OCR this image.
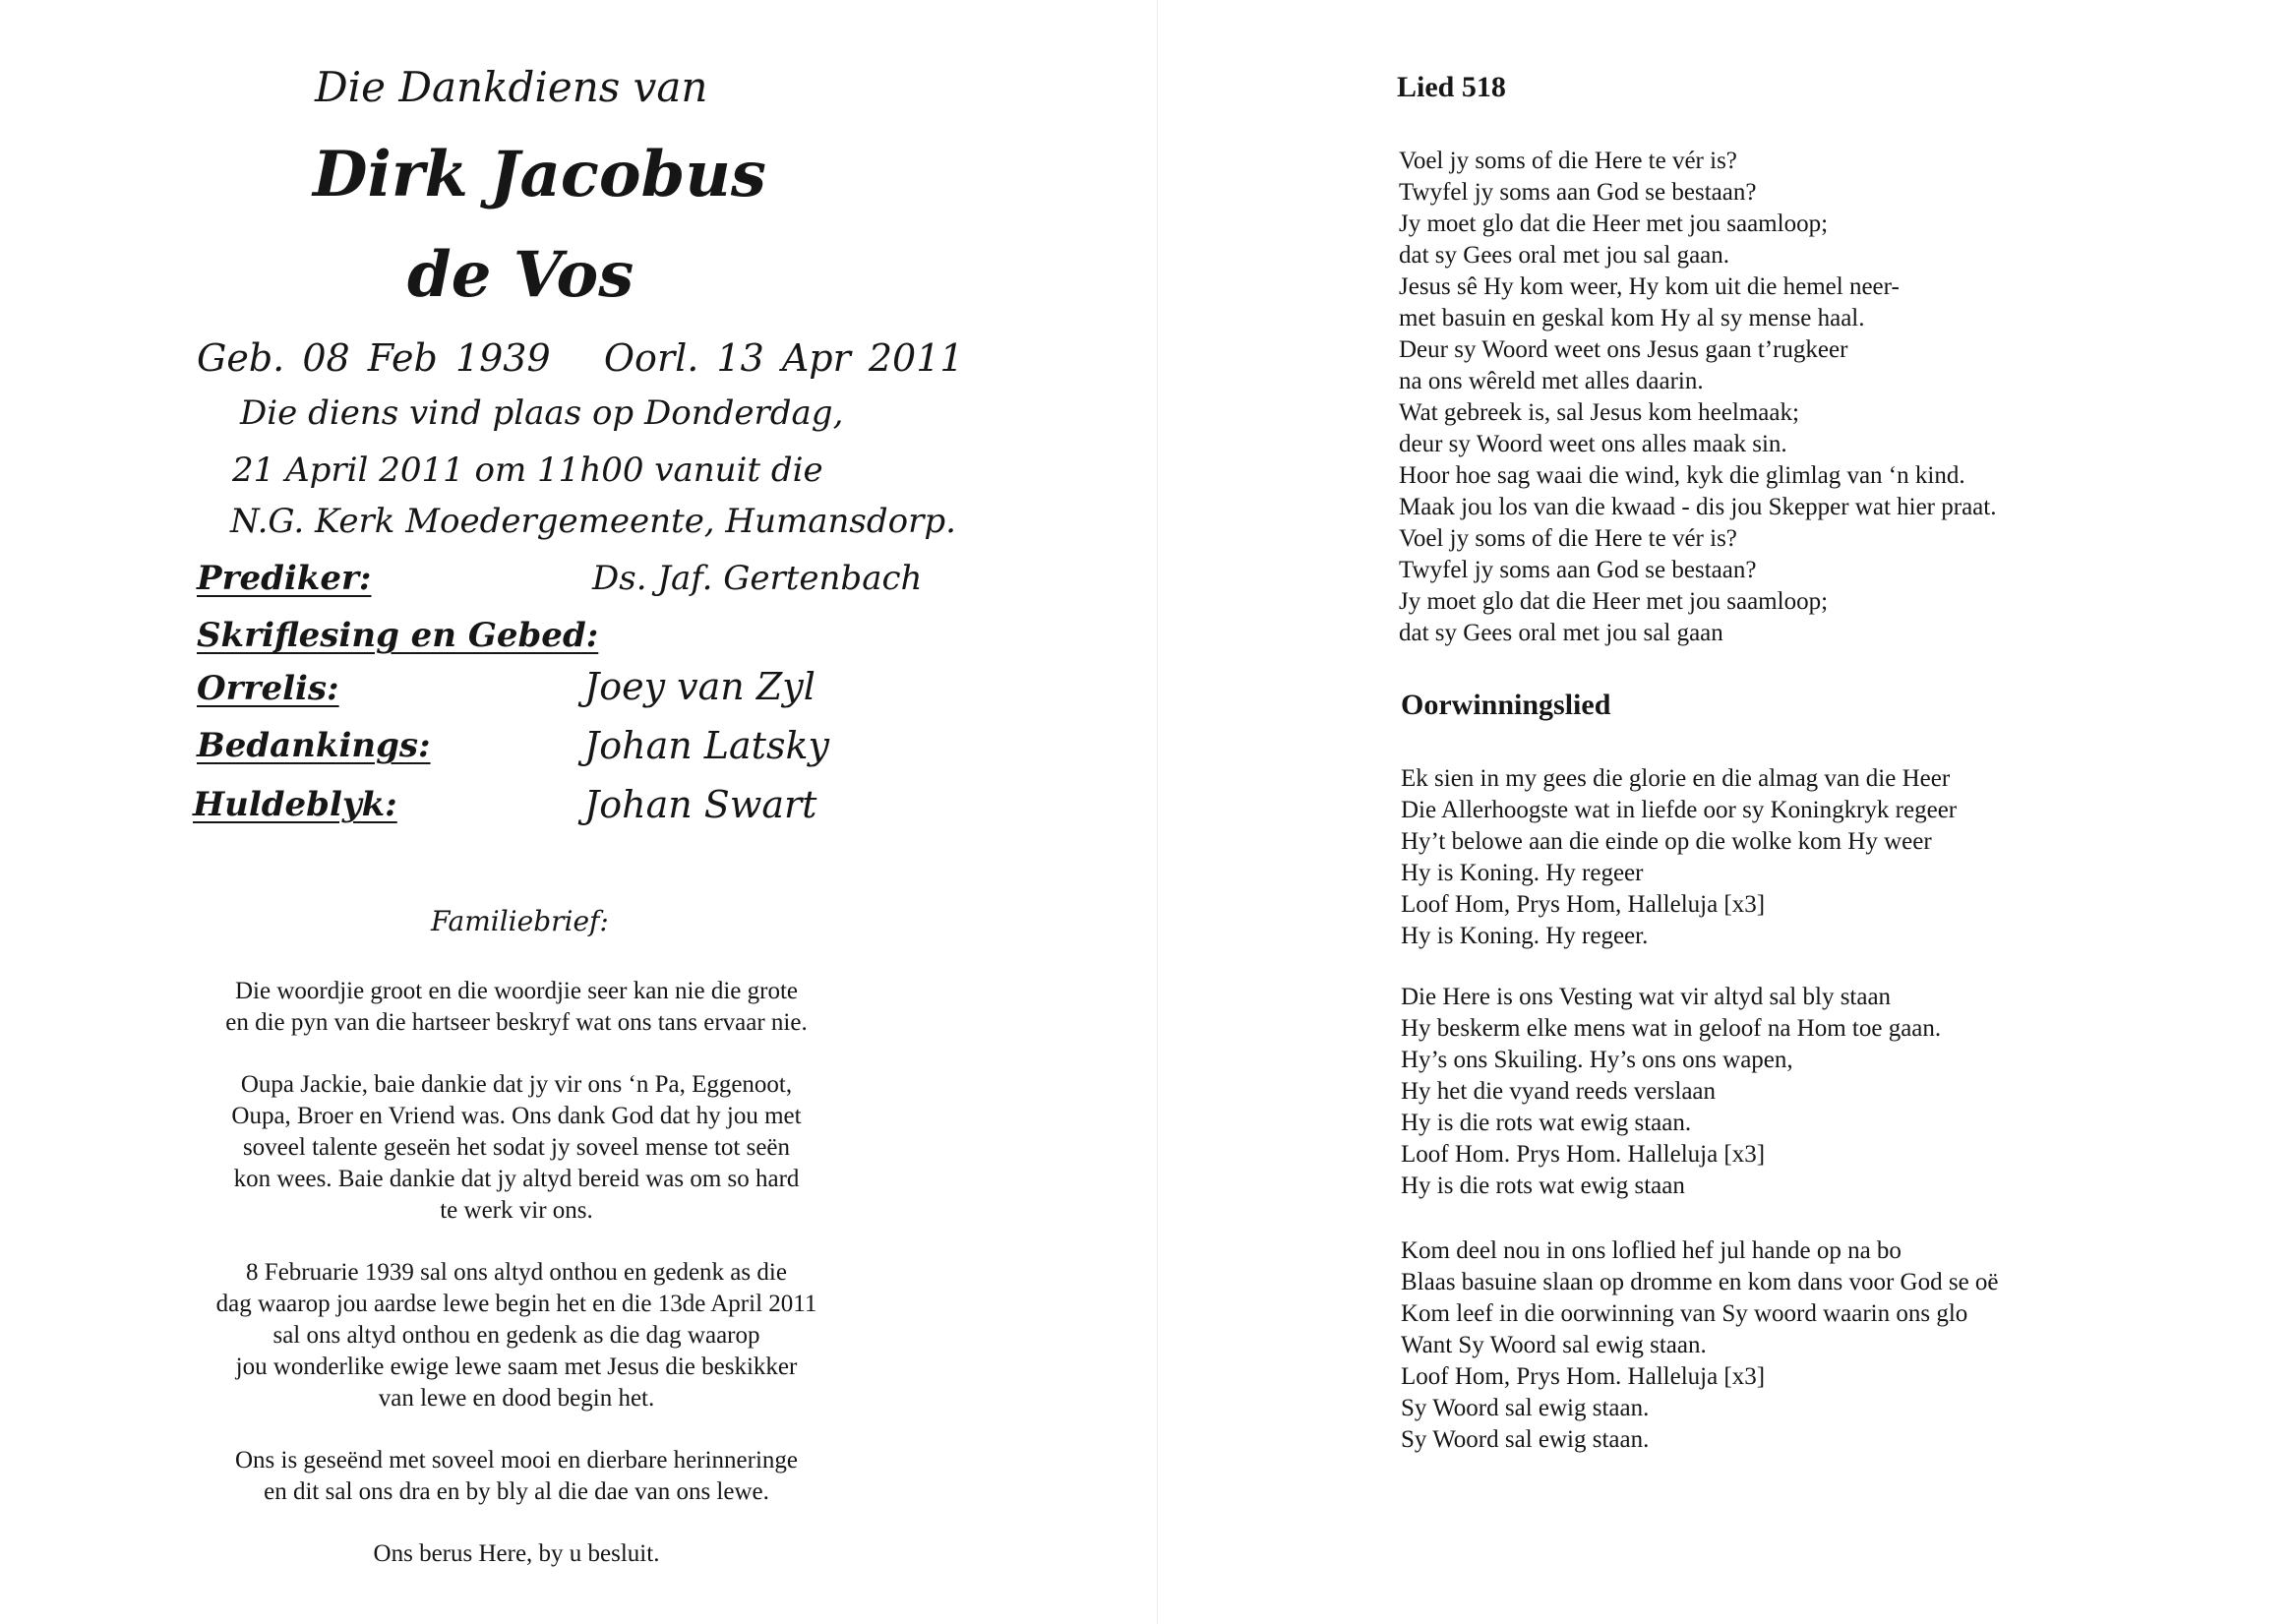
Die Dankdiens van
Dirk Jacobus
de Vos
Geb. 08 Feb 1939 Oorl. 13 Apr 2011
Die diens vind plaas op Donderdag,
21 April 2011 om 11h00 vanuit die
N.G. Kerk Moedergemeente, Humansdorp.
Prediker:	Ds. Jaf. Gertenbach
Skriflesing en Gebed:
Orrelis:	Joey van Zyl
Bedankings:	Johan Latsky
Huldeblyk:	Johan Swart
Familiebrief:

Die woordjie groot en die woordjie seer kan nie die grote
en die pyn van die hartseer beskryf wat ons tans ervaar nie.

Oupa Jackie, baie dankie dat jy vir ons ‘n Pa, Eggenoot,
Oupa, Broer en Vriend was. Ons dank God dat hy jou met
soveel talente geseën het sodat jy soveel mense tot seën
kon wees. Baie dankie dat jy altyd bereid was om so hard
te werk vir ons.

8 Februarie 1939 sal ons altyd onthou en gedenk as die
dag waarop jou aardse lewe begin het en die 13de April 2011
sal ons altyd onthou en gedenk as die dag waarop
jou wonderlike ewige lewe saam met Jesus die beskikker
van lewe en dood begin het.

Ons is geseënd met soveel mooi en dierbare herinneringe
en dit sal ons dra en by bly al die dae van ons lewe.

Ons berus Here, by u besluit.

Lied 518

Voel jy soms of die Here te vér is?
Twyfel jy soms aan God se bestaan?
Jy moet glo dat die Heer met jou saamloop;
dat sy Gees oral met jou sal gaan.
Jesus sê Hy kom weer, Hy kom uit die hemel neer-
met basuin en geskal kom Hy al sy mense haal.
Deur sy Woord weet ons Jesus gaan t’rugkeer
na ons wêreld met alles daarin.
Wat gebreek is, sal Jesus kom heelmaak;
deur sy Woord weet ons alles maak sin.
Hoor hoe sag waai die wind, kyk die glimlag van ‘n kind.
Maak jou los van die kwaad - dis jou Skepper wat hier praat.
Voel jy soms of die Here te vér is?
Twyfel jy soms aan God se bestaan?
Jy moet glo dat die Heer met jou saamloop;
dat sy Gees oral met jou sal gaan

Oorwinningslied

Ek sien in my gees die glorie en die almag van die Heer
Die Allerhoogste wat in liefde oor sy Koningkryk regeer
Hy’t belowe aan die einde op die wolke kom Hy weer
Hy is Koning. Hy regeer
Loof Hom, Prys Hom, Halleluja [x3]
Hy is Koning. Hy regeer.

Die Here is ons Vesting wat vir altyd sal bly staan
Hy beskerm elke mens wat in geloof na Hom toe gaan.
Hy’s ons Skuiling. Hy’s ons ons wapen,
Hy het die vyand reeds verslaan
Hy is die rots wat ewig staan.
Loof Hom. Prys Hom. Halleluja [x3]
Hy is die rots wat ewig staan

Kom deel nou in ons loflied hef jul hande op na bo
Blaas basuine slaan op dromme en kom dans voor God se oë
Kom leef in die oorwinning van Sy woord waarin ons glo
Want Sy Woord sal ewig staan.
Loof Hom, Prys Hom. Halleluja [x3]
Sy Woord sal ewig staan.
Sy Woord sal ewig staan.
